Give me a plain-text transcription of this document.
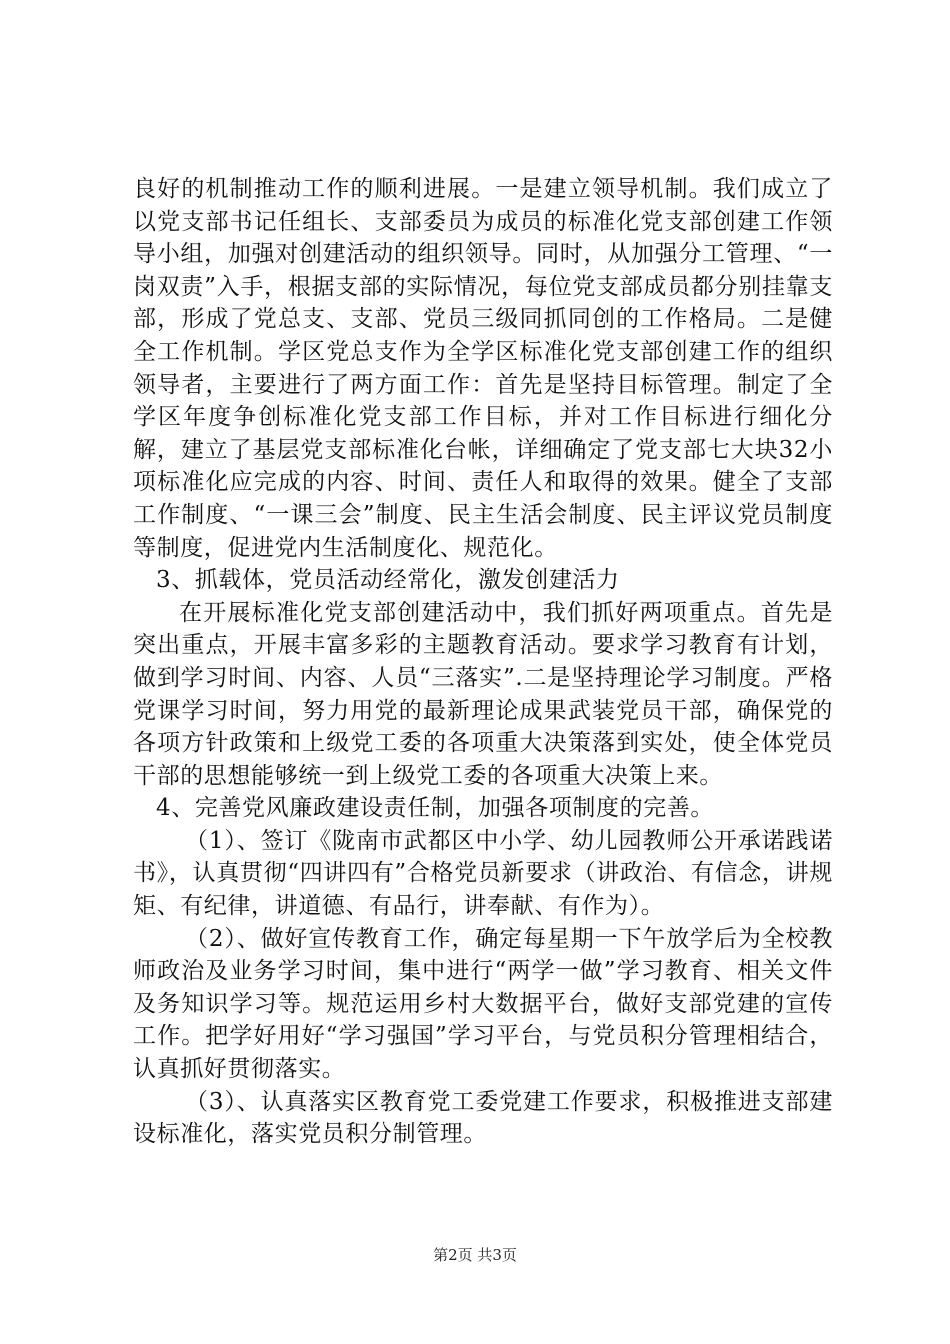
良好的机制推动工作的顺利进展。一是建立领导机制。我们成立了以党支部书记任组长、支部委员为成员的标准化党支部创建工作领导小组，加强对创建活动的组织领导。同时，从加强分工管理、“一岗双责”入手，根据支部的实际情况，每位党支部成员都分别挂靠支部，形成了党总支、支部、党员三级同抓同创的工作格局。二是健全工作机制。学区党总支作为全学区标准化党支部创建工作的组织领导者，主要进行了两方面工作：首先是坚持目标管理。制定了全学区年度争创标准化党支部工作目标，并对工作目标进行细化分解，建立了基层党支部标准化台帐，详细确定了党支部七大块32小项标准化应完成的内容、时间、责任人和取得的效果。健全了支部工作制度、“一课三会”制度、民主生活会制度、民主评议党员制度等制度，促进党内生活制度化、规范化。

3、抓载体，党员活动经常化，激发创建活力

在开展标准化党支部创建活动中，我们抓好两项重点。首先是突出重点，开展丰富多彩的主题教育活动。要求学习教育有计划，做到学习时间、内容、人员“三落实”.二是坚持理论学习制度。严格党课学习时间，努力用党的最新理论成果武装党员干部，确保党的各项方针政策和上级党工委的各项重大决策落到实处，使全体党员干部的思想能够统一到上级党工委的各项重大决策上来。

4、完善党风廉政建设责任制，加强各项制度的完善。

（1）、签订《陇南市武都区中小学、幼儿园教师公开承诺践诺书》，认真贯彻“四讲四有”合格党员新要求（讲政治、有信念，讲规矩、有纪律，讲道德、有品行，讲奉献、有作为）。

（2）、做好宣传教育工作，确定每星期一下午放学后为全校教师政治及业务学习时间，集中进行“两学一做”学习教育、相关文件及务知识学习等。规范运用乡村大数据平台，做好支部党建的宣传工作。把学好用好“学习强国”学习平台，与党员积分管理相结合，认真抓好贯彻落实。

（3）、认真落实区教育党工委党建工作要求，积极推进支部建设标准化，落实党员积分制管理。

第2页 共3页
